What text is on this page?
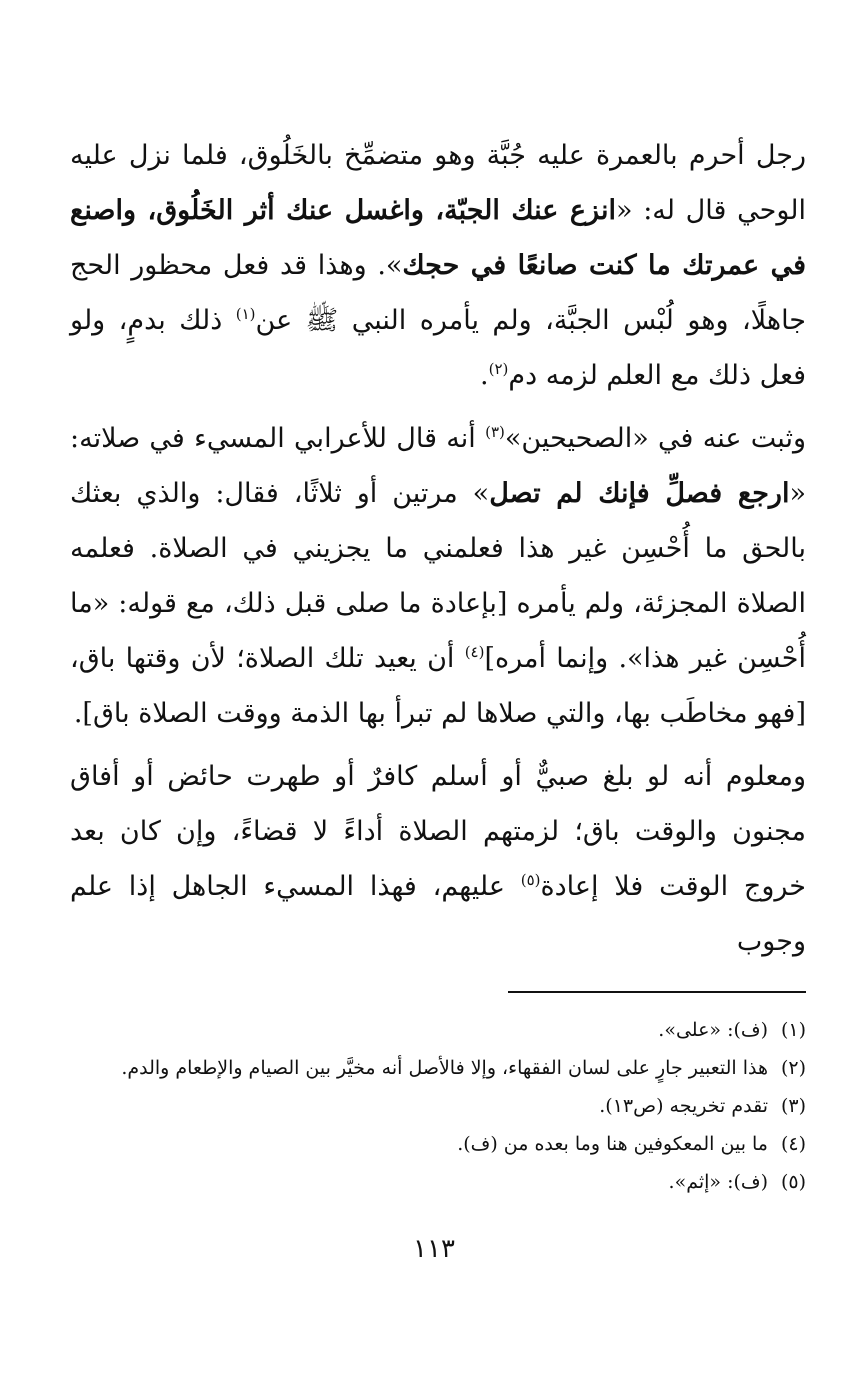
رجل أحرم بالعمرة عليه جُبَّة وهو متضمِّخ بالخَلُوق، فلما نزل عليه الوحي قال له: «انزع عنك الجبّة، واغسل عنك أثر الخَلُوق، واصنع في عمرتك ما كنت صانعًا في حجك». وهذا قد فعل محظور الحج جاهلًا، وهو لُبْس الجبَّة، ولم يأمره النبي ﷺ عن$^{(١)}$ ذلك بدمٍ، ولو فعل ذلك مع العلم لزمه دم$^{(٢)}$.

وثبت عنه في «الصحيحين»$^{(٣)}$ أنه قال للأعرابي المسيء في صلاته: «ارجع فصلِّ فإنك لم تصل» مرتين أو ثلاثًا، فقال: والذي بعثك بالحق ما أُحْسِن غير هذا فعلمني ما يجزيني في الصلاة. فعلمه الصلاة المجزئة، ولم يأمره [بإعادة ما صلى قبل ذلك، مع قوله: «ما أُحْسِن غير هذا». وإنما أمره]$^{(٤)}$ أن يعيد تلك الصلاة؛ لأن وقتها باق، [فهو مخاطَب بها، والتي صلاها لم تبرأ بها الذمة ووقت الصلاة باق].

ومعلوم أنه لو بلغ صبيٌّ أو أسلم كافرٌ أو طهرت حائض أو أفاق مجنون والوقت باق؛ لزمتهم الصلاة أداءً لا قضاءً، وإن كان بعد خروج الوقت فلا إعادة$^{(٥)}$ عليهم، فهذا المسيء الجاهل إذا علم وجوب

(١)
(ف): «على».
(٢)
هذا التعبير جارٍ على لسان الفقهاء، وإلا فالأصل أنه مخيَّر بين الصيام والإطعام والدم.
(٣)
تقدم تخريجه (ص١٣).
(٤)
ما بين المعكوفين هنا وما بعده من (ف).
(٥)
(ف): «إثم».
١١٣
